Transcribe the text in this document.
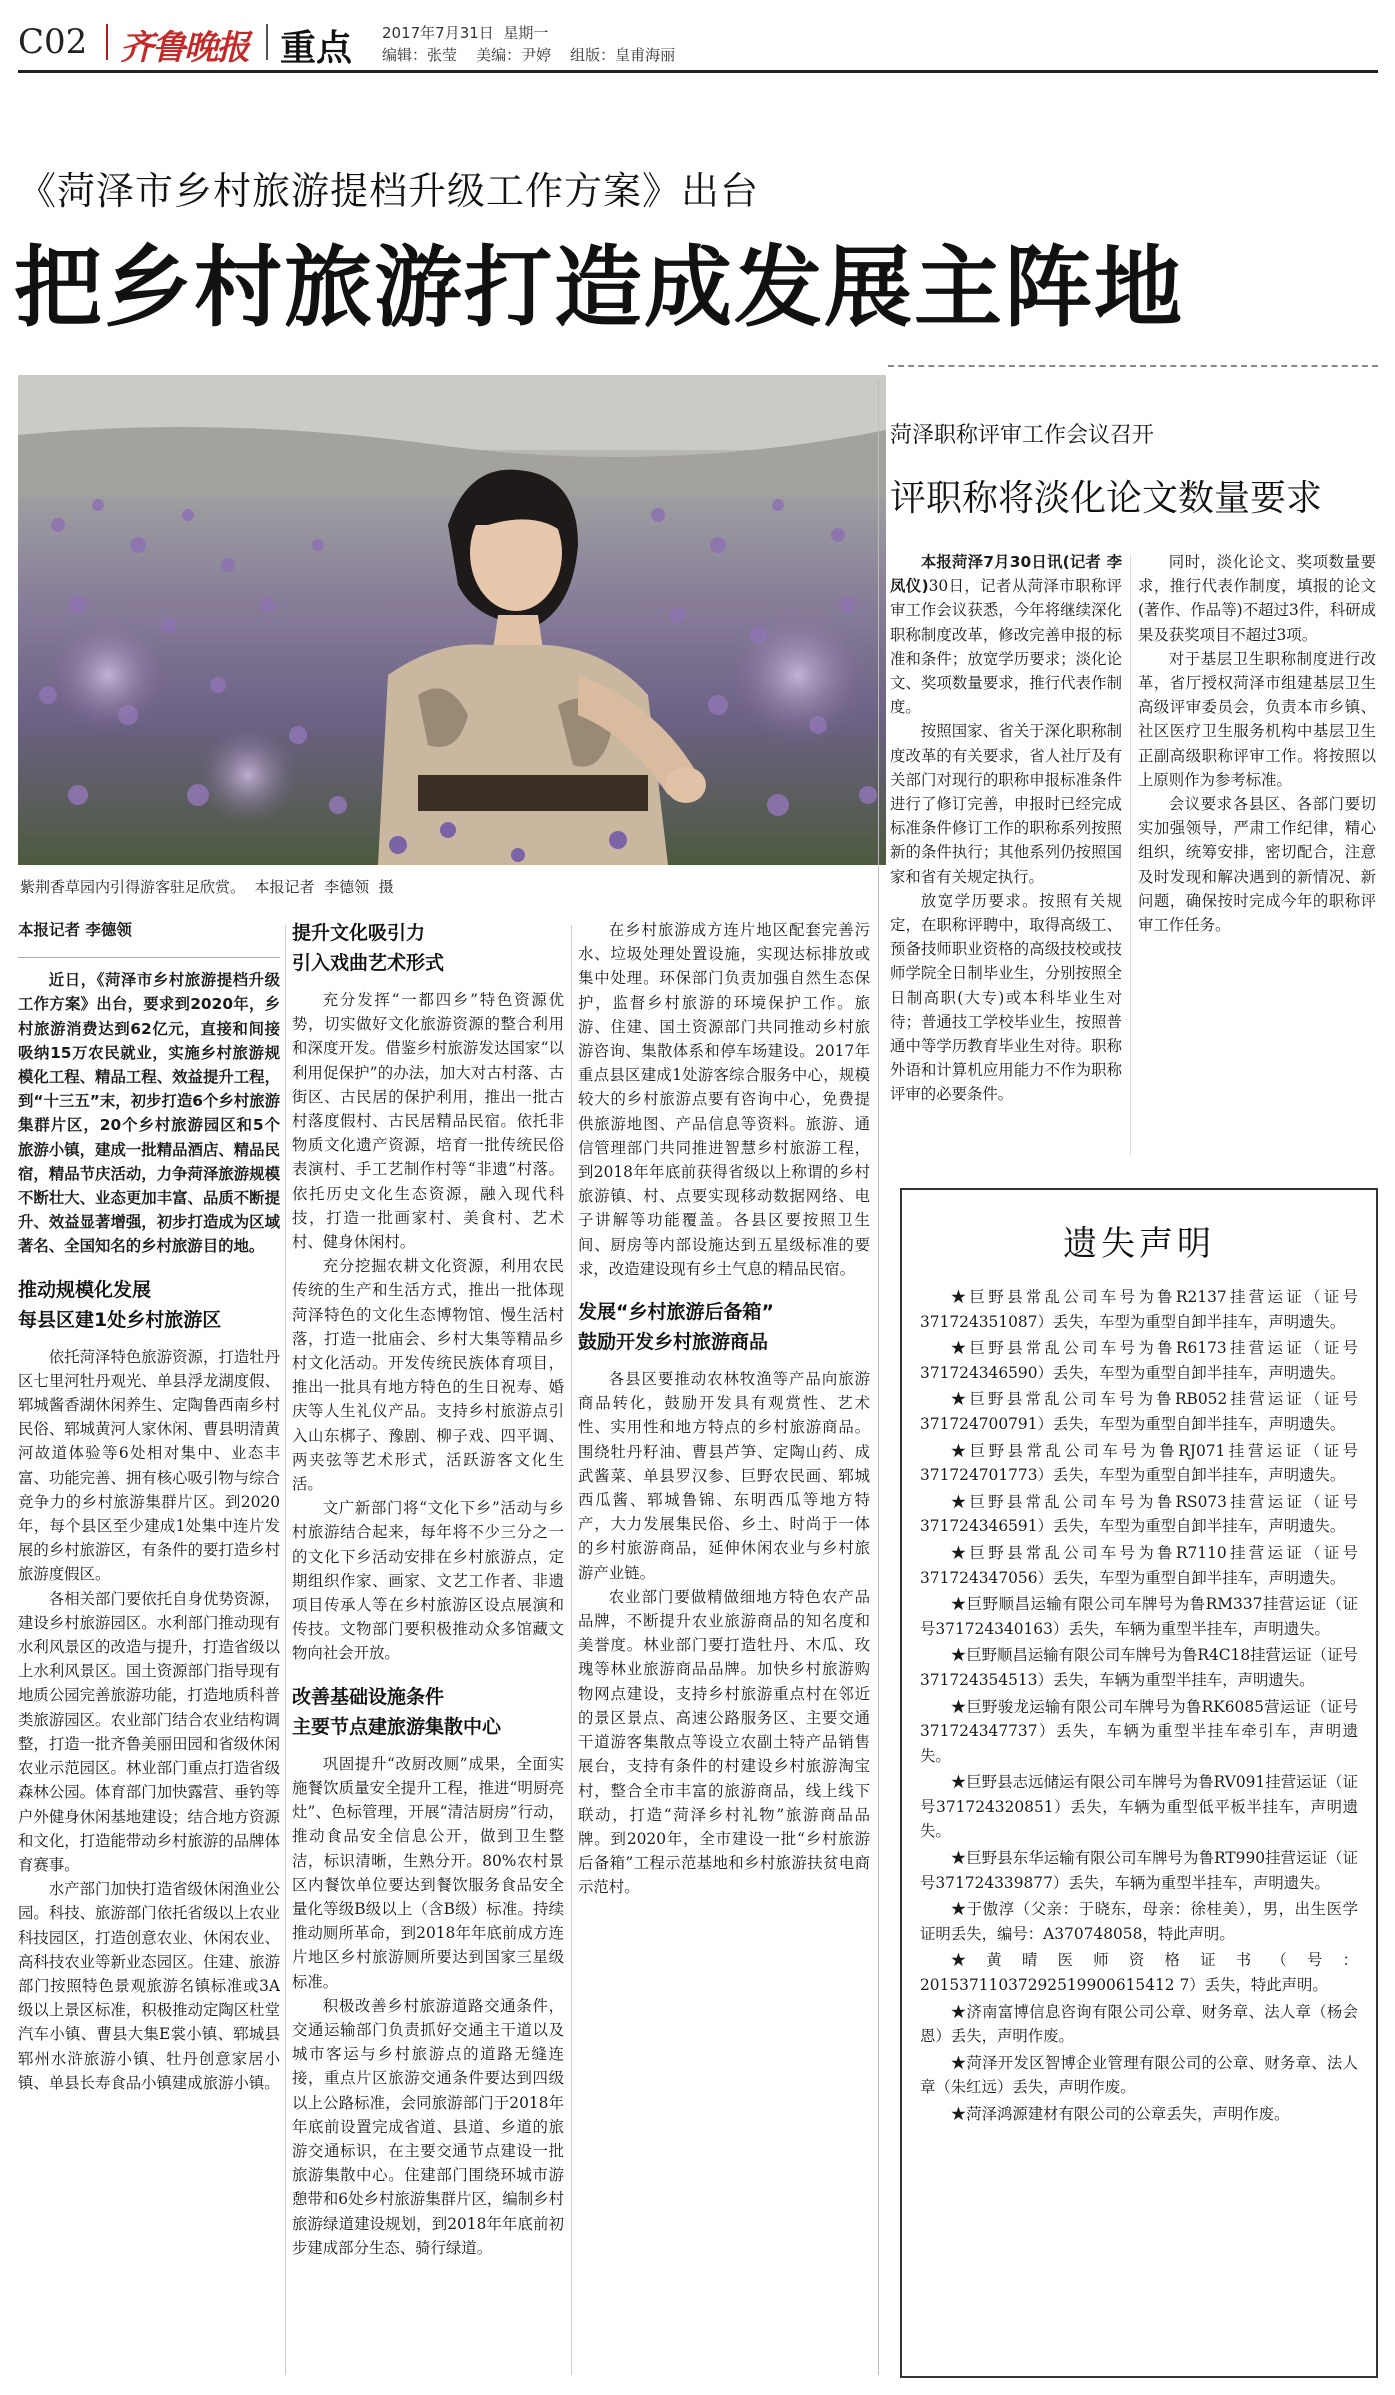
C02 齐鲁晚报 重点 2017年7月31日  星期一
编辑：张莹    美编：尹婷    组版：皇甫海丽
《菏泽市乡村旅游提档升级工作方案》出台
把乡村旅游打造成发展主阵地
紫荆香草园内引得游客驻足欣赏。  本报记者  李德领  摄

本报记者 李德领

近日，《菏泽市乡村旅游提档升级工作方案》出台，要求到2020年，乡村旅游消费达到62亿元，直接和间接吸纳15万农民就业，实施乡村旅游规模化工程、精品工程、效益提升工程，到“十三五”末，初步打造6个乡村旅游集群片区，20个乡村旅游园区和5个旅游小镇，建成一批精品酒店、精品民宿，精品节庆活动，力争菏泽旅游规模不断壮大、业态更加丰富、品质不断提升、效益显著增强，初步打造成为区域著名、全国知名的乡村旅游目的地。

推动规模化发展

每县区建1处乡村旅游区

依托菏泽特色旅游资源，打造牡丹区七里河牡丹观光、单县浮龙湖度假、郓城酱香湖休闲养生、定陶鲁西南乡村民俗、郓城黄河人家休闲、曹县明清黄河故道体验等6处相对集中、业态丰富、功能完善、拥有核心吸引物与综合竞争力的乡村旅游集群片区。到2020年，每个县区至少建成1处集中连片发展的乡村旅游区，有条件的要打造乡村旅游度假区。

各相关部门要依托自身优势资源，建设乡村旅游园区。水利部门推动现有水利风景区的改造与提升，打造省级以上水利风景区。国土资源部门指导现有地质公园完善旅游功能，打造地质科普类旅游园区。农业部门结合农业结构调整，打造一批齐鲁美丽田园和省级休闲农业示范园区。林业部门重点打造省级森林公园。体育部门加快露营、垂钓等户外健身休闲基地建设；结合地方资源和文化，打造能带动乡村旅游的品牌体育赛事。

水产部门加快打造省级休闲渔业公园。科技、旅游部门依托省级以上农业科技园区，打造创意农业、休闲农业、高科技农业等新业态园区。住建、旅游部门按照特色景观旅游名镇标准或3A级以上景区标准，积极推动定陶区杜堂汽车小镇、曹县大集E裳小镇、郓城县郓州水浒旅游小镇、牡丹创意家居小镇、单县长寿食品小镇建成旅游小镇。

提升文化吸引力

引入戏曲艺术形式

充分发挥“一都四乡”特色资源优势，切实做好文化旅游资源的整合利用和深度开发。借鉴乡村旅游发达国家“以利用促保护”的办法，加大对古村落、古街区、古民居的保护利用，推出一批古村落度假村、古民居精品民宿。依托非物质文化遗产资源，培育一批传统民俗表演村、手工艺制作村等“非遗”村落。依托历史文化生态资源，融入现代科技，打造一批画家村、美食村、艺术村、健身休闲村。

充分挖掘农耕文化资源，利用农民传统的生产和生活方式，推出一批体现菏泽特色的文化生态博物馆、慢生活村落，打造一批庙会、乡村大集等精品乡村文化活动。开发传统民族体育项目，推出一批具有地方特色的生日祝寿、婚庆等人生礼仪产品。支持乡村旅游点引入山东梆子、豫剧、柳子戏、四平调、两夹弦等艺术形式，活跃游客文化生活。

文广新部门将“文化下乡”活动与乡村旅游结合起来，每年将不少三分之一的文化下乡活动安排在乡村旅游点，定期组织作家、画家、文艺工作者、非遗项目传承人等在乡村旅游区设点展演和传技。文物部门要积极推动众多馆藏文物向社会开放。

改善基础设施条件

主要节点建旅游集散中心

巩固提升“改厨改厕”成果，全面实施餐饮质量安全提升工程，推进“明厨亮灶”、色标管理，开展“清洁厨房”行动，推动食品安全信息公开，做到卫生整洁，标识清晰，生熟分开。80%农村景区内餐饮单位要达到餐饮服务食品安全量化等级B级以上（含B级）标准。持续推动厕所革命，到2018年年底前成方连片地区乡村旅游厕所要达到国家三星级标准。

积极改善乡村旅游道路交通条件，交通运输部门负责抓好交通主干道以及城市客运与乡村旅游点的道路无缝连接，重点片区旅游交通条件要达到四级以上公路标准，会同旅游部门于2018年年底前设置完成省道、县道、乡道的旅游交通标识，在主要交通节点建设一批旅游集散中心。住建部门围绕环城市游憩带和6处乡村旅游集群片区，编制乡村旅游绿道建设规划，到2018年年底前初步建成部分生态、骑行绿道。

在乡村旅游成方连片地区配套完善污水、垃圾处理处置设施，实现达标排放或集中处理。环保部门负责加强自然生态保护，监督乡村旅游的环境保护工作。旅游、住建、国土资源部门共同推动乡村旅游咨询、集散体系和停车场建设。2017年重点县区建成1处游客综合服务中心，规模较大的乡村旅游点要有咨询中心，免费提供旅游地图、产品信息等资料。旅游、通信管理部门共同推进智慧乡村旅游工程，到2018年年底前获得省级以上称谓的乡村旅游镇、村、点要实现移动数据网络、电子讲解等功能覆盖。各县区要按照卫生间、厨房等内部设施达到五星级标准的要求，改造建设现有乡土气息的精品民宿。

发展“乡村旅游后备箱”

鼓励开发乡村旅游商品

各县区要推动农林牧渔等产品向旅游商品转化，鼓励开发具有观赏性、艺术性、实用性和地方特点的乡村旅游商品。围绕牡丹籽油、曹县芦笋、定陶山药、成武酱菜、单县罗汉参、巨野农民画、郓城西瓜酱、郓城鲁锦、东明西瓜等地方特产，大力发展集民俗、乡土、时尚于一体的乡村旅游商品，延伸休闲农业与乡村旅游产业链。

农业部门要做精做细地方特色农产品品牌，不断提升农业旅游商品的知名度和美誉度。林业部门要打造牡丹、木瓜、玫瑰等林业旅游商品品牌。加快乡村旅游购物网点建设，支持乡村旅游重点村在邻近的景区景点、高速公路服务区、主要交通干道游客集散点等设立农副土特产品销售展台，支持有条件的村建设乡村旅游淘宝村，整合全市丰富的旅游商品，线上线下联动，打造“菏泽乡村礼物”旅游商品品牌。到2020年，全市建设一批“乡村旅游后备箱”工程示范基地和乡村旅游扶贫电商示范村。

菏泽职称评审工作会议召开
评职称将淡化论文数量要求

本报菏泽7月30日讯(记者 李凤仪)30日，记者从菏泽市职称评审工作会议获悉，今年将继续深化职称制度改革，修改完善申报的标准和条件；放宽学历要求；淡化论文、奖项数量要求，推行代表作制度。

按照国家、省关于深化职称制度改革的有关要求，省人社厅及有关部门对现行的职称申报标准条件进行了修订完善，申报时已经完成标准条件修订工作的职称系列按照新的条件执行；其他系列仍按照国家和省有关规定执行。

放宽学历要求。按照有关规定，在职称评聘中，取得高级工、预备技师职业资格的高级技校或技师学院全日制毕业生，分别按照全日制高职(大专)或本科毕业生对待；普通技工学校毕业生，按照普通中等学历教育毕业生对待。职称外语和计算机应用能力不作为职称评审的必要条件。

同时，淡化论文、奖项数量要求，推行代表作制度，填报的论文(著作、作品等)不超过3件，科研成果及获奖项目不超过3项。

对于基层卫生职称制度进行改革，省厅授权菏泽市组建基层卫生高级评审委员会，负责本市乡镇、社区医疗卫生服务机构中基层卫生正副高级职称评审工作。将按照以上原则作为参考标准。

会议要求各县区、各部门要切实加强领导，严肃工作纪律，精心组织，统筹安排，密切配合，注意及时发现和解决遇到的新情况、新问题，确保按时完成今年的职称评审工作任务。

遗失声明

★巨野县常乱公司车号为鲁R2137挂营运证（证号371724351087）丢失，车型为重型自卸半挂车，声明遗失。

★巨野县常乱公司车号为鲁R6173挂营运证（证号371724346590）丢失，车型为重型自卸半挂车，声明遗失。

★巨野县常乱公司车号为鲁RB052挂营运证（证号371724700791）丢失，车型为重型自卸半挂车，声明遗失。

★巨野县常乱公司车号为鲁RJ071挂营运证（证号371724701773）丢失，车型为重型自卸半挂车，声明遗失。

★巨野县常乱公司车号为鲁RS073挂营运证（证号371724346591）丢失，车型为重型自卸半挂车，声明遗失。

★巨野县常乱公司车号为鲁R7110挂营运证（证号371724347056）丢失，车型为重型自卸半挂车，声明遗失。

★巨野顺昌运输有限公司车牌号为鲁RM337挂营运证（证号371724340163）丢失，车辆为重型半挂车，声明遗失。

★巨野顺昌运输有限公司车牌号为鲁R4C18挂营运证（证号371724354513）丢失，车辆为重型半挂车，声明遗失。

★巨野骏龙运输有限公司车牌号为鲁RK6085营运证（证号371724347737）丢失，车辆为重型半挂车牵引车，声明遗失。

★巨野县志远储运有限公司车牌号为鲁RV091挂营运证（证号371724320851）丢失，车辆为重型低平板半挂车，声明遗失。

★巨野县东华运输有限公司车牌号为鲁RT990挂营运证（证号371724339877）丢失，车辆为重型半挂车，声明遗失。

★于傲淳（父亲：于晓东，母亲：徐桂美），男，出生医学证明丢失，编号：A370748058，特此声明。

★黄晴医师资格证书（号：20153711037292519900615412 7）丢失，特此声明。

★济南富博信息咨询有限公司公章、财务章、法人章（杨会恩）丢失，声明作废。

★菏泽开发区智博企业管理有限公司的公章、财务章、法人章（朱红远）丢失，声明作废。

★菏泽鸿源建材有限公司的公章丢失，声明作废。
